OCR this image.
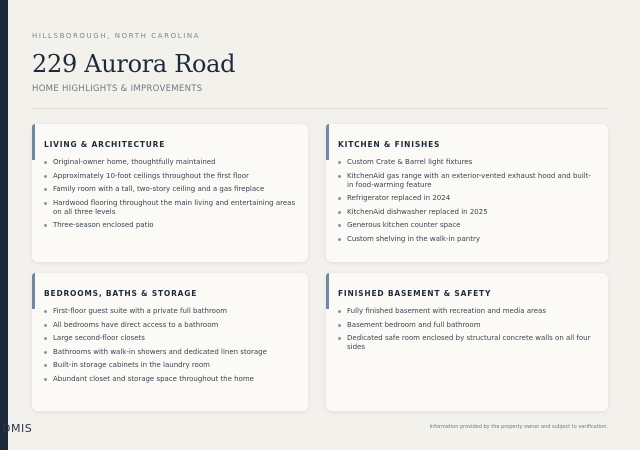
HILLSBOROUGH, NORTH CAROLINA
229 Aurora Road
HOME HIGHLIGHTS & IMPROVEMENTS
LIVING & ARCHITECTURE
Original-owner home, thoughtfully maintained
Approximately 10-foot ceilings throughout the first floor
Family room with a tall, two-story ceiling and a gas fireplace
Hardwood flooring throughout the main living and entertaining areas on all three levels
Three-season enclosed patio
KITCHEN & FINISHES
Custom Crate & Barrel light fixtures
KitchenAid gas range with an exterior-vented exhaust hood and built-in food-warming feature
Refrigerator replaced in 2024
KitchenAid dishwasher replaced in 2025
Generous kitchen counter space
Custom shelving in the walk-in pantry
BEDROOMS, BATHS & STORAGE
First-floor guest suite with a private full bathroom
All bedrooms have direct access to a bathroom
Large second-floor closets
Bathrooms with walk-in showers and dedicated linen storage
Built-in storage cabinets in the laundry room
Abundant closet and storage space throughout the home
FINISHED BASEMENT & SAFETY
Fully finished basement with recreation and media areas
Basement bedroom and full bathroom
Dedicated safe room enclosed by structural concrete walls on all four sides
DMIS	Information provided by the property owner and subject to verification.
